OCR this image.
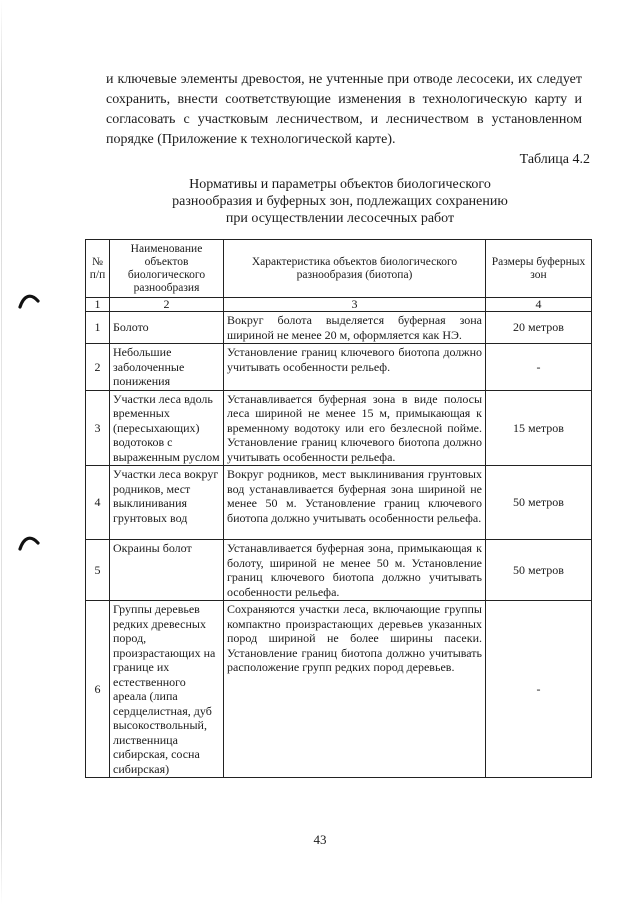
и ключевые элементы древостоя, не учтенные при отводе лесосеки, их следует сохранить, внести соответствующие изменения в технологическую карту и согласовать с участковым лесничеством, и лесничеством в установленном порядке (Приложение к технологической карте).

Таблица 4.2
Нормативы и параметры объектов биологического
разнообразия и буферных зон, подлежащих сохранению
при осуществлении лесосечных работ
№ п/п	Наименование объектов биологического разнообразия	Характеристика объектов биологического разнообразия (биотопа)	Размеры буферных зон
1	2	3	4
1	Болото	Вокруг болота выделяется буферная зона шириной не менее 20 м, оформляется как НЭ.	20 метров
2	Небольшие заболоченные понижения	Установление границ ключевого биотопа должно учитывать особенности рельеф.	-
3	Участки леса вдоль временных (пересыхающих) водотоков с выраженным руслом	Устанавливается буферная зона в виде полосы леса шириной не менее 15 м, примыкающая к временному водотоку или его безлесной пойме. Установление границ ключевого биотопа должно учитывать особенности рельефа.	15 метров
4	Участки леса вокруг родников, мест выклинивания грунтовых вод	Вокруг родников, мест выклинивания грунтовых вод устанавливается буферная зона шириной не менее 50 м. Установление границ ключевого биотопа должно учитывать особенности рельефа.	50 метров
5	Окраины болот	Устанавливается буферная зона, примыкающая к болоту, шириной не менее 50 м. Установление границ ключевого биотопа должно учитывать особенности рельефа.	50 метров
6	Группы деревьев редких древесных пород, произрастающих на границе их естественного ареала (липа сердцелистная, дуб высокоствольный, лиственница сибирская, сосна сибирская)	Сохраняются участки леса, включающие группы компактно произрастающих деревьев указанных пород шириной не более ширины пасеки. Установление границ биотопа должно учитывать расположение групп редких пород деревьев.	-
43
